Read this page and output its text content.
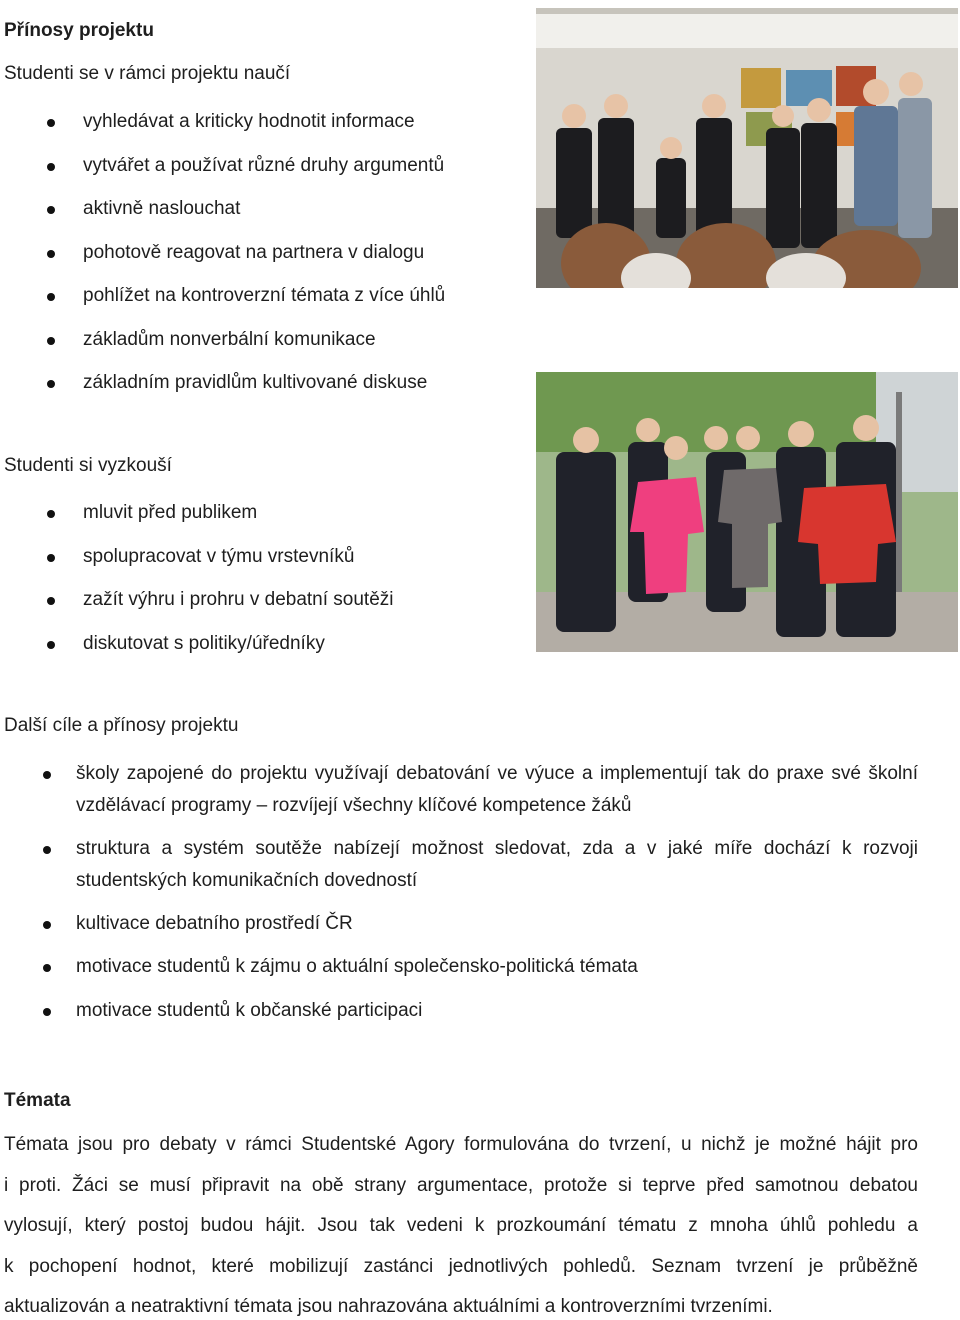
Přínosy projektu
Studenti se v rámci projektu naučí
vyhledávat a kriticky hodnotit informace
vytvářet a používat různé druhy argumentů
aktivně naslouchat
pohotově reagovat na partnera v dialogu
pohlížet na kontroverzní témata z více úhlů
základům nonverbální komunikace
základním pravidlům kultivované diskuse
Studenti si vyzkouší
mluvit před publikem
spolupracovat v týmu vrstevníků
zažít výhru i prohru v debatní soutěži
diskutovat s politiky/úředníky
Další cíle a přínosy projektu
školy zapojené do projektu využívají debatování ve výuce a implementují tak do praxe své školní vzdělávací programy – rozvíjejí všechny klíčové kompetence žáků
struktura a systém soutěže nabízejí možnost sledovat, zda a v jaké míře dochází k rozvoji studentských komunikačních dovedností
kultivace debatního prostředí ČR
motivace studentů k zájmu o aktuální společensko-politická témata
motivace studentů k občanské participaci
Témata
Témata jsou pro debaty v rámci Studentské Agory formulována do tvrzení, u nichž je možné hájit pro
i proti. Žáci se musí připravit na obě strany argumentace, protože si teprve před samotnou debatou
vylosují, který postoj budou hájit. Jsou tak vedeni k prozkoumání tématu z mnoha úhlů pohledu a
k pochopení hodnot, které mobilizují zastánci jednotlivých pohledů. Seznam tvrzení je průběžně
aktualizován a neatraktivní témata jsou nahrazována aktuálními a kontroverzními tvrzeními.
